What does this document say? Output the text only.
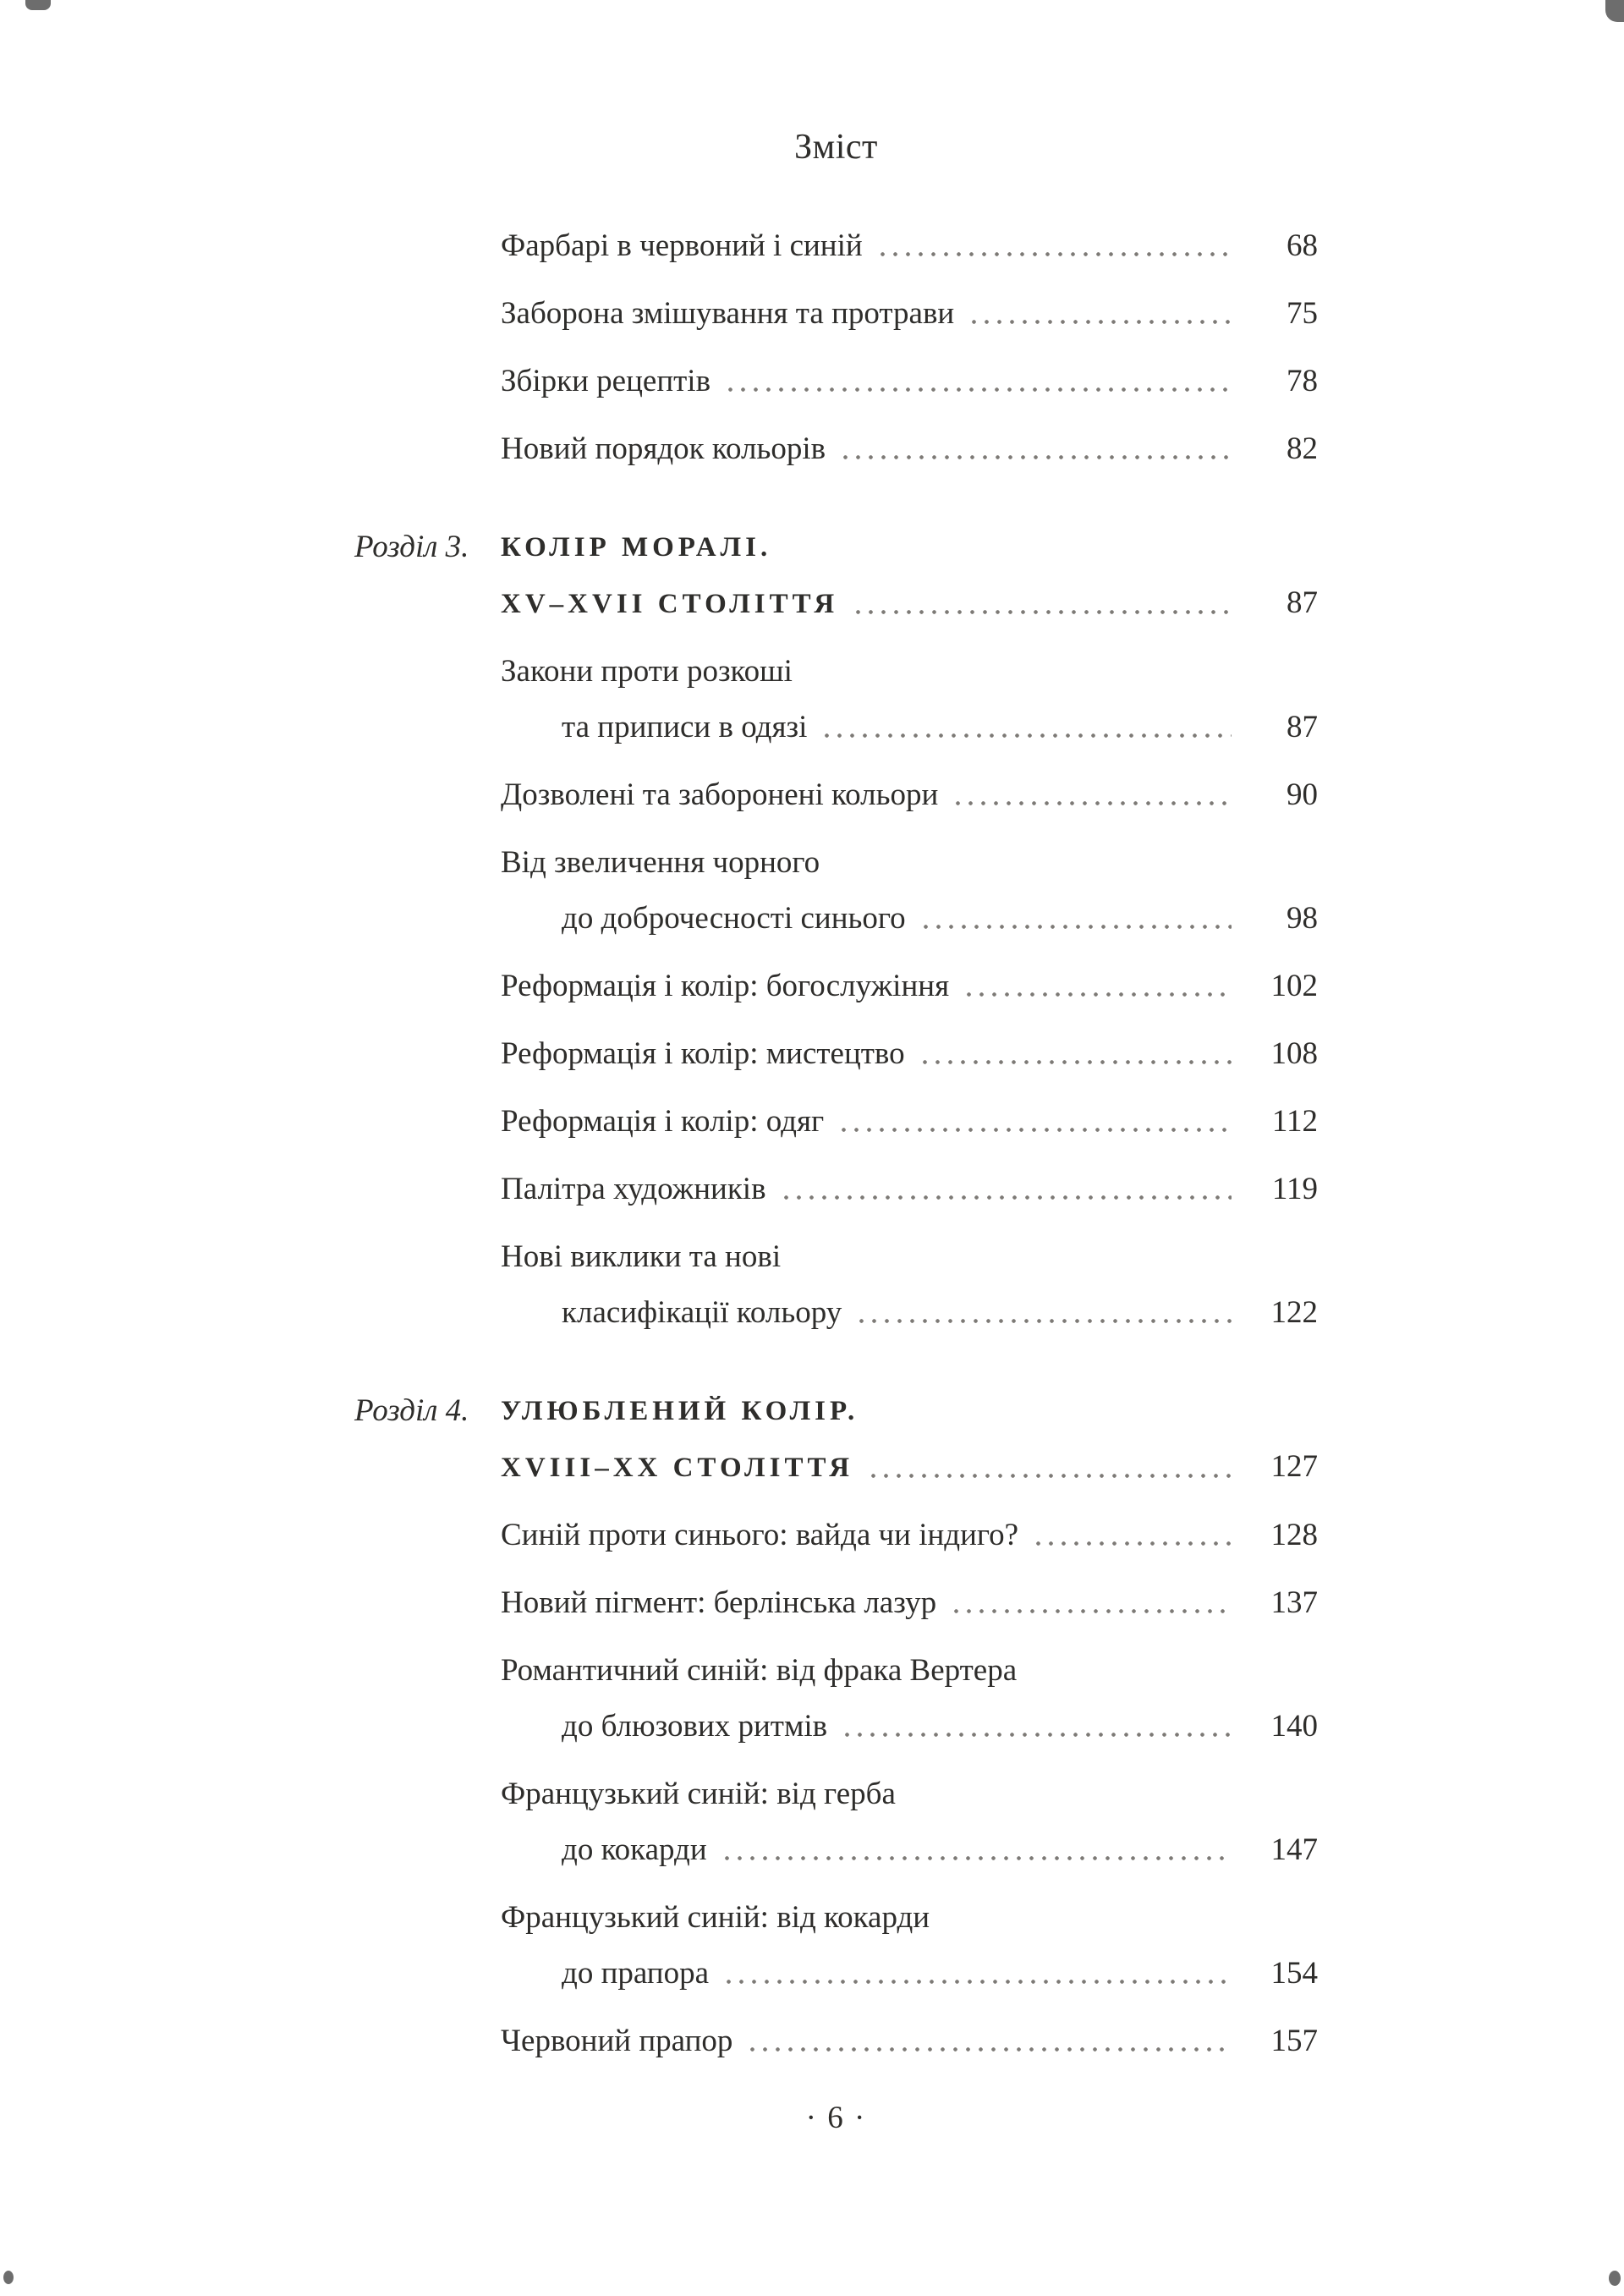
Зміст
Фарбарі в червоний і синій	68
Заборона змішування та протрави	75
Збірки рецептів	78
Новий порядок кольорів	82
Розділ 3. КОЛІР МОРАЛІ.
XV–XVII СТОЛІТТЯ	87
Закони проти розкоші
та приписи в одязі	87
Дозволені та заборонені кольори	90
Від звеличення чорного
до доброчесності синього	98
Реформація і колір: богослужіння	102
Реформація і колір: мистецтво	108
Реформація і колір: одяг	112
Палітра художників	119
Нові виклики та нові
класифікації кольору	122
Розділ 4. УЛЮБЛЕНИЙ КОЛІР.
XVIII–XX СТОЛІТТЯ	127
Синій проти синього: вайда чи індиго?	128
Новий пігмент: берлінська лазур	137
Романтичний синій: від фрака Вертера
до блюзових ритмів	140
Французький синій: від герба
до кокарди	147
Французький синій: від кокарди
до прапора	154
Червоний прапор	157
· 6 ·
